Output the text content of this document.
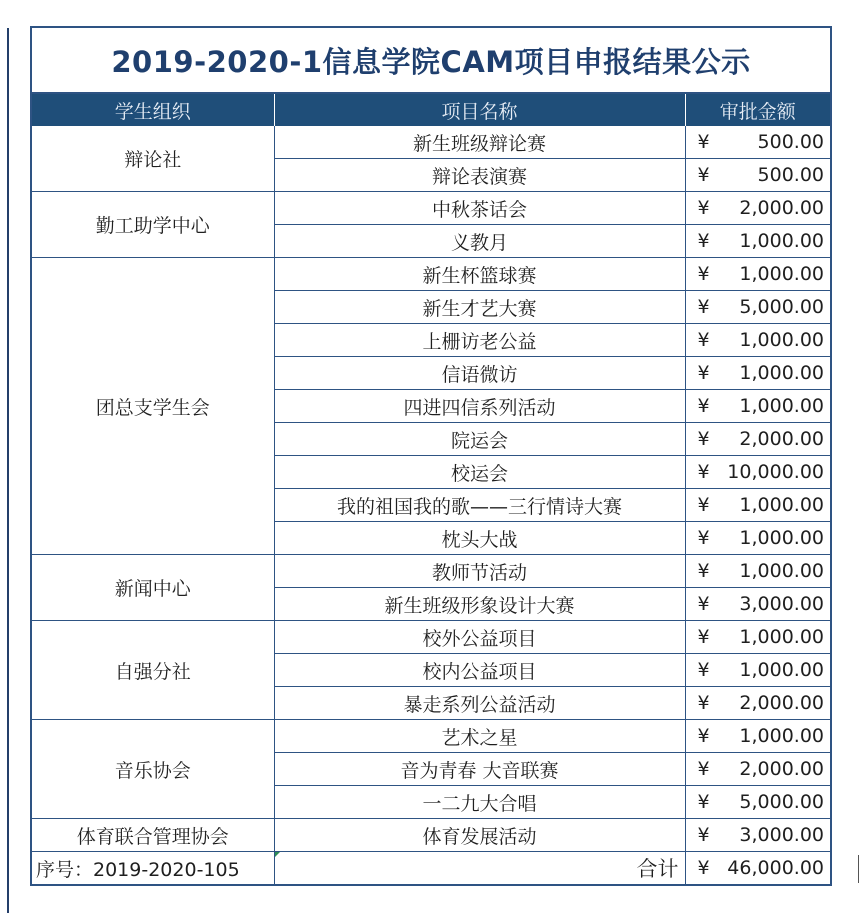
2019-2020-1信息学院CAM项目申报结果公示
学生组织	项目名称	审批金额
辩论社	新生班级辩论赛	¥ 500.00

	辩论表演赛	¥ 500.00

勤工助学中心	中秋茶话会	¥ 2,000.00

	义教月	¥ 1,000.00

团总支学生会	新生杯篮球赛	¥ 1,000.00

	新生才艺大赛	¥ 5,000.00

	上栅访老公益	¥ 1,000.00

	信语微访	¥ 1,000.00

	四进四信系列活动	¥ 1,000.00

	院运会	¥ 2,000.00

	校运会	¥ 10,000.00

	我的祖国我的歌——三行情诗大赛	¥ 1,000.00

	枕头大战	¥ 1,000.00

新闻中心	教师节活动	¥ 1,000.00

	新生班级形象设计大赛	¥ 3,000.00

自强分社	校外公益项目	¥ 1,000.00

	校内公益项目	¥ 1,000.00

	暴走系列公益活动	¥ 2,000.00

音乐协会	艺术之星	¥ 1,000.00

	音为青春 大音联赛	¥ 2,000.00

	一二九大合唱	¥ 5,000.00

体育联合管理协会	体育发展活动	¥ 3,000.00

序号：2019-2020-105	合计	¥ 46,000.00
